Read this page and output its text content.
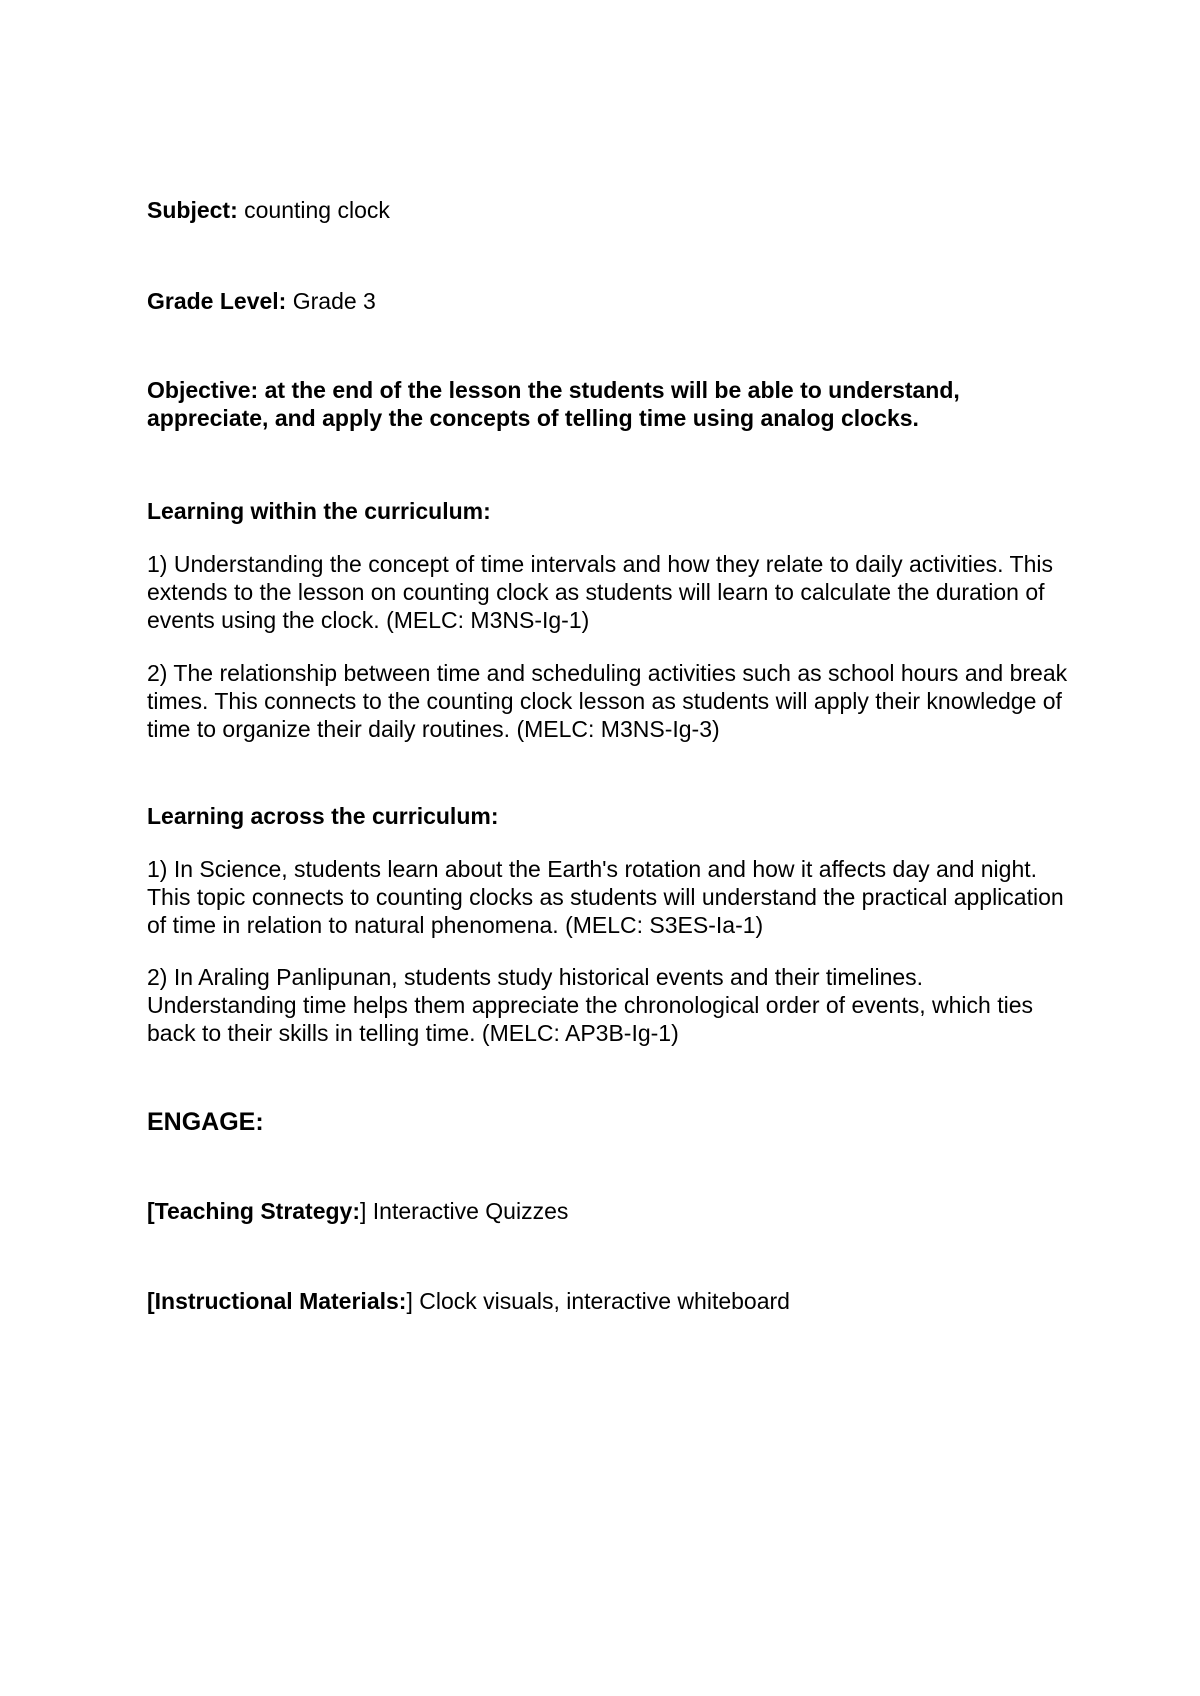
Subject: counting clock
Grade Level: Grade 3
Objective: at the end of the lesson the students will be able to understand, appreciate, and apply the concepts of telling time using analog clocks.
Learning within the curriculum:
1) Understanding the concept of time intervals and how they relate to daily activities. This extends to the lesson on counting clock as students will learn to calculate the duration of events using the clock. (MELC: M3NS-Ig-1)
2) The relationship between time and scheduling activities such as school hours and break times. This connects to the counting clock lesson as students will apply their knowledge of time to organize their daily routines. (MELC: M3NS-Ig-3)
Learning across the curriculum:
1) In Science, students learn about the Earth's rotation and how it affects day and night. This topic connects to counting clocks as students will understand the practical application of time in relation to natural phenomena. (MELC: S3ES-Ia-1)
2) In Araling Panlipunan, students study historical events and their timelines. Understanding time helps them appreciate the chronological order of events, which ties back to their skills in telling time. (MELC: AP3B-Ig-1)
ENGAGE:
[Teaching Strategy:] Interactive Quizzes
[Instructional Materials:] Clock visuals, interactive whiteboard
